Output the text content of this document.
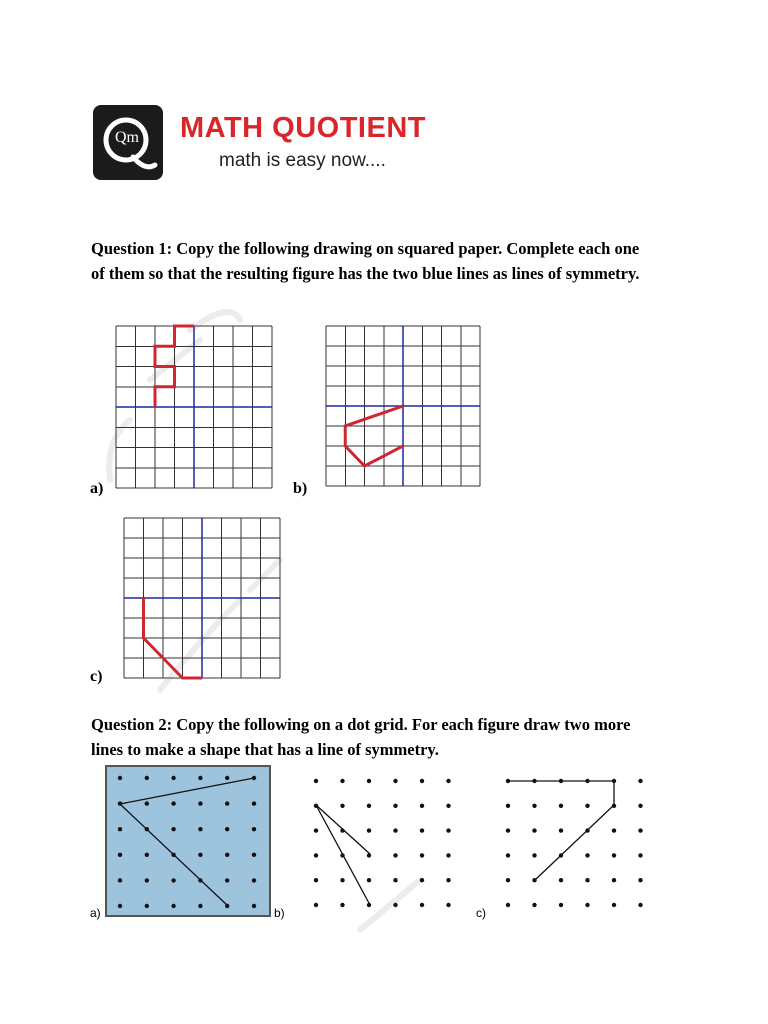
Qm MATH QUOTIENT
math is easy now....
Question 1: Copy the following drawing on squared paper. Complete each one
of them so that the resulting figure has the two blue lines as lines of symmetry.
a)	b)
c)
Question 2: Copy the following on a dot grid. For each figure draw two more
lines to make a shape that has a line of symmetry.
a)	b)	c)
